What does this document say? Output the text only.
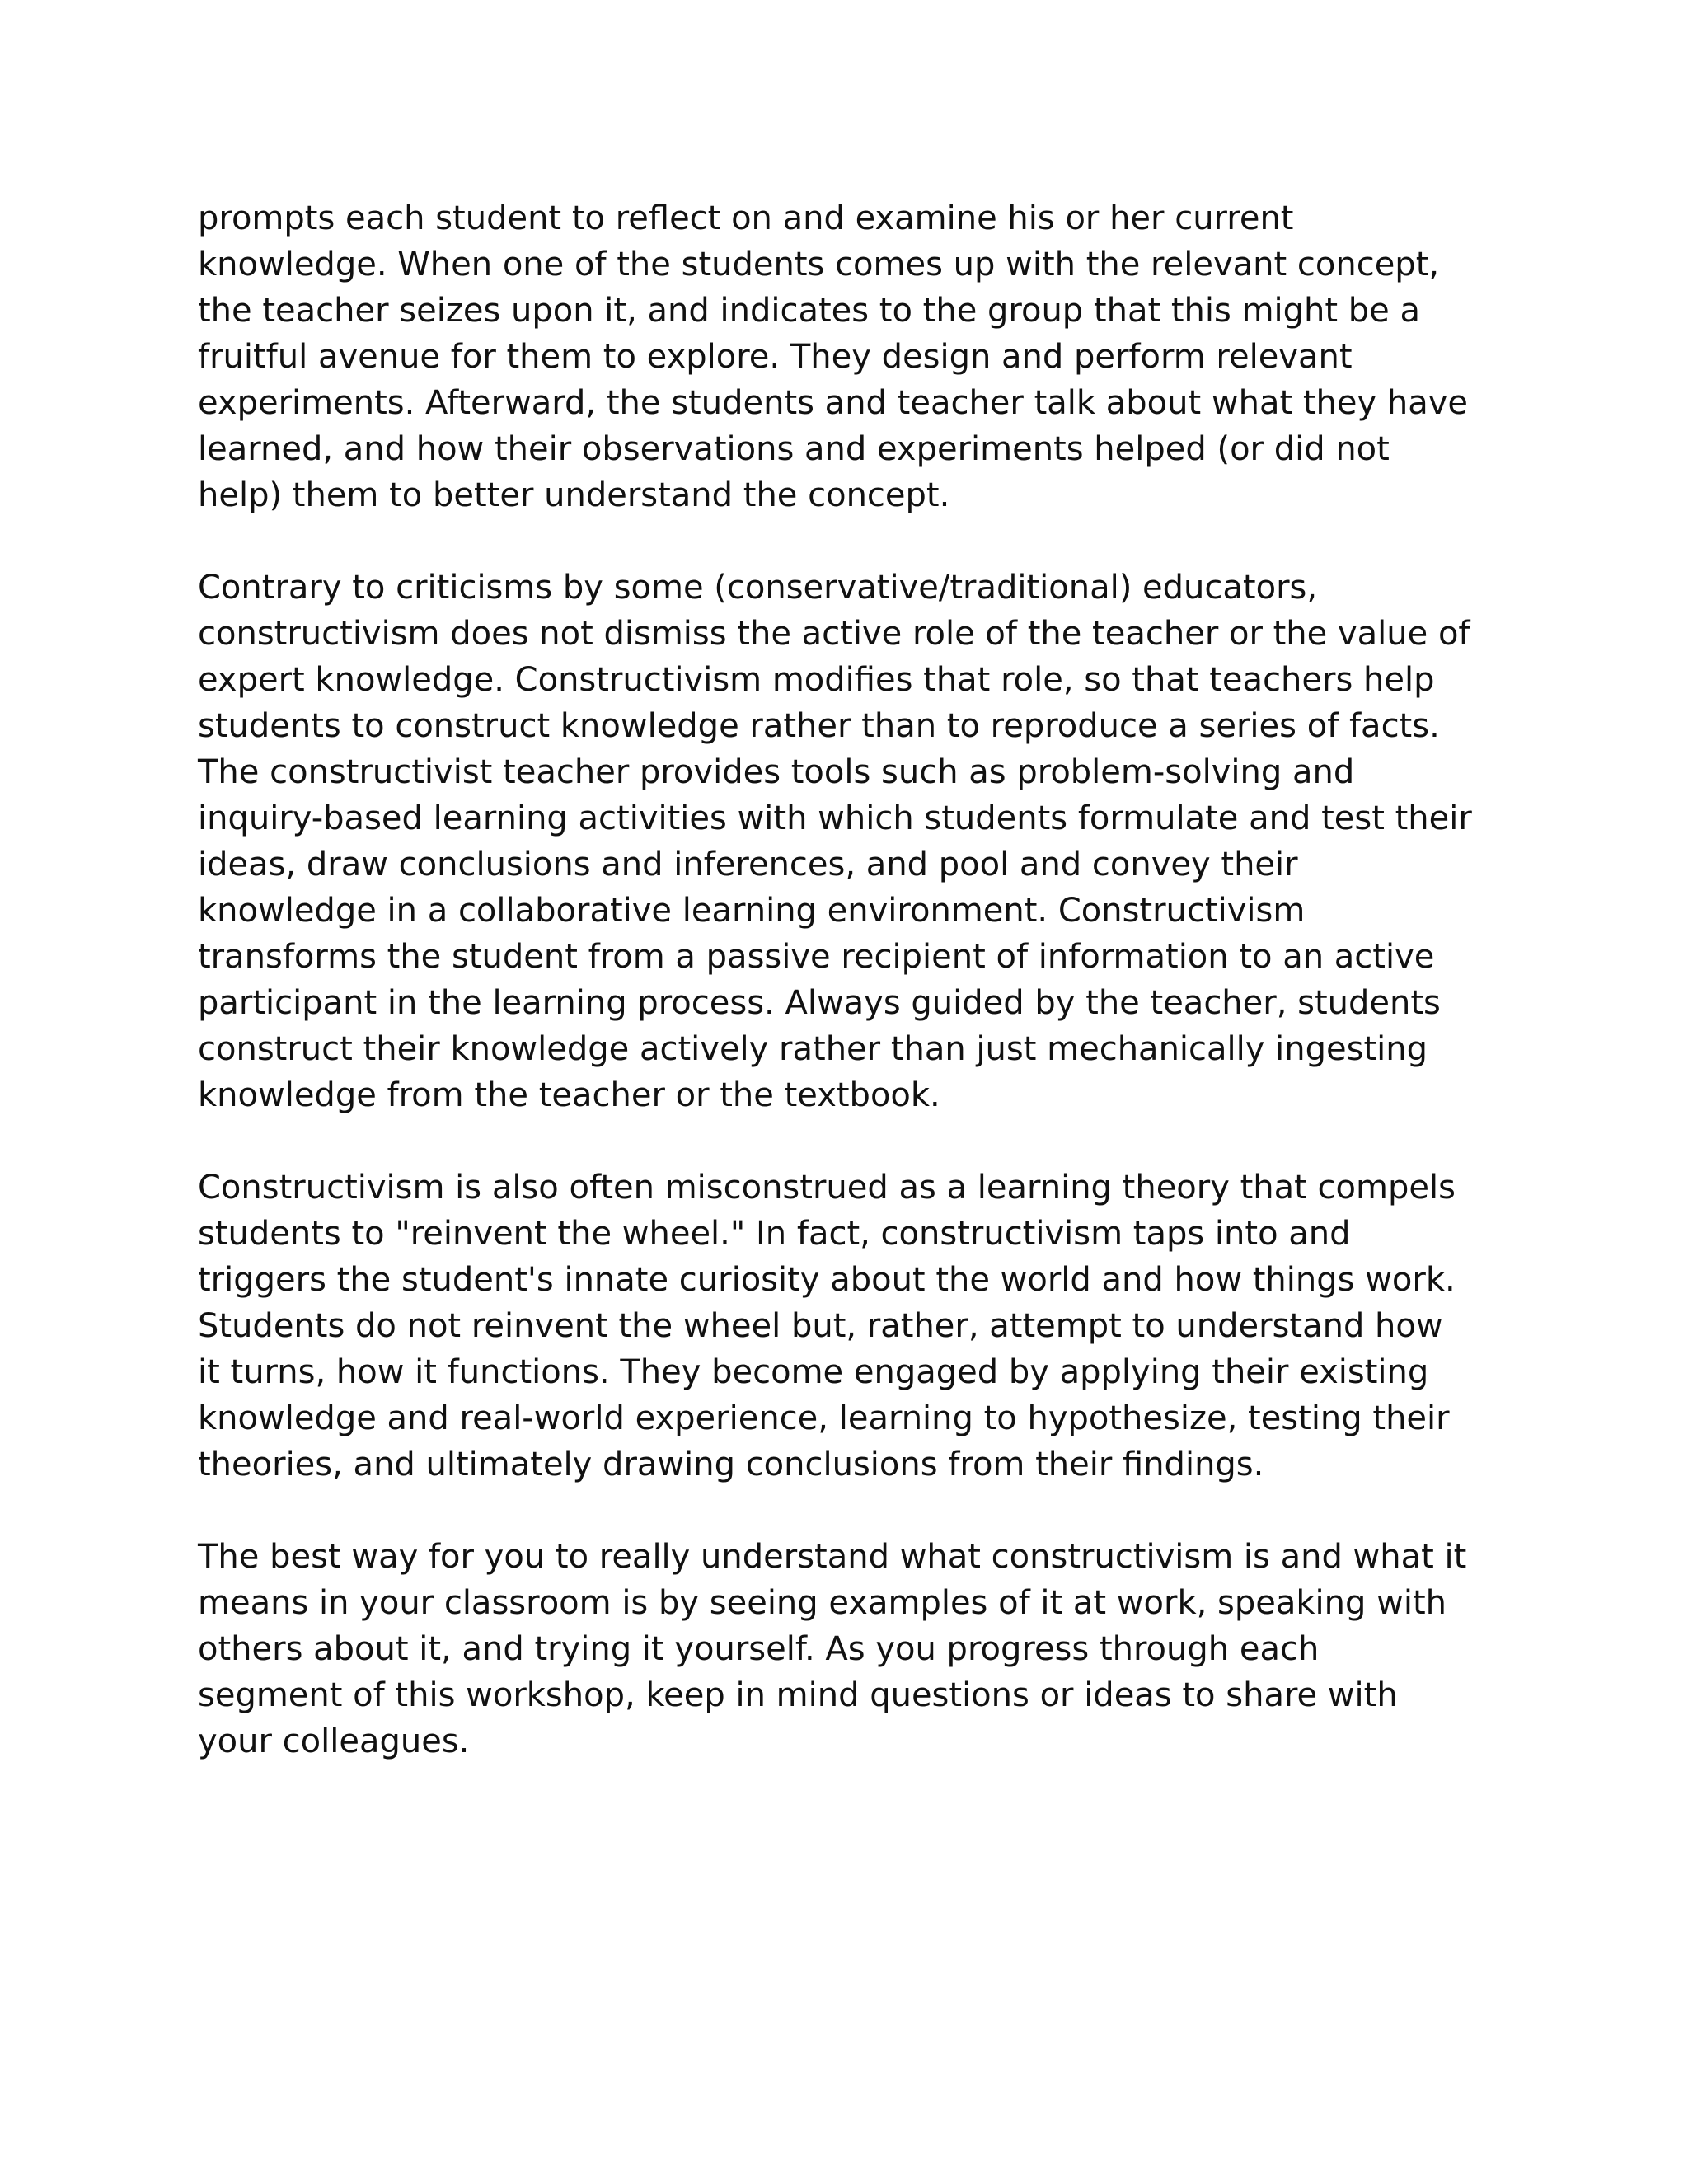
prompts each student to reflect on and examine his or her current
knowledge. When one of the students comes up with the relevant concept,
the teacher seizes upon it, and indicates to the group that this might be a
fruitful avenue for them to explore. They design and perform relevant
experiments. Afterward, the students and teacher talk about what they have
learned, and how their observations and experiments helped (or did not
help) them to better understand the concept.

Contrary to criticisms by some (conservative/traditional) educators,
constructivism does not dismiss the active role of the teacher or the value of
expert knowledge. Constructivism modifies that role, so that teachers help
students to construct knowledge rather than to reproduce a series of facts.
The constructivist teacher provides tools such as problem-solving and
inquiry-based learning activities with which students formulate and test their
ideas, draw conclusions and inferences, and pool and convey their
knowledge in a collaborative learning environment. Constructivism
transforms the student from a passive recipient of information to an active
participant in the learning process. Always guided by the teacher, students
construct their knowledge actively rather than just mechanically ingesting
knowledge from the teacher or the textbook.

Constructivism is also often misconstrued as a learning theory that compels
students to "reinvent the wheel." In fact, constructivism taps into and
triggers the student's innate curiosity about the world and how things work.
Students do not reinvent the wheel but, rather, attempt to understand how
it turns, how it functions. They become engaged by applying their existing
knowledge and real-world experience, learning to hypothesize, testing their
theories, and ultimately drawing conclusions from their findings.

The best way for you to really understand what constructivism is and what it
means in your classroom is by seeing examples of it at work, speaking with
others about it, and trying it yourself. As you progress through each
segment of this workshop, keep in mind questions or ideas to share with
your colleagues.
